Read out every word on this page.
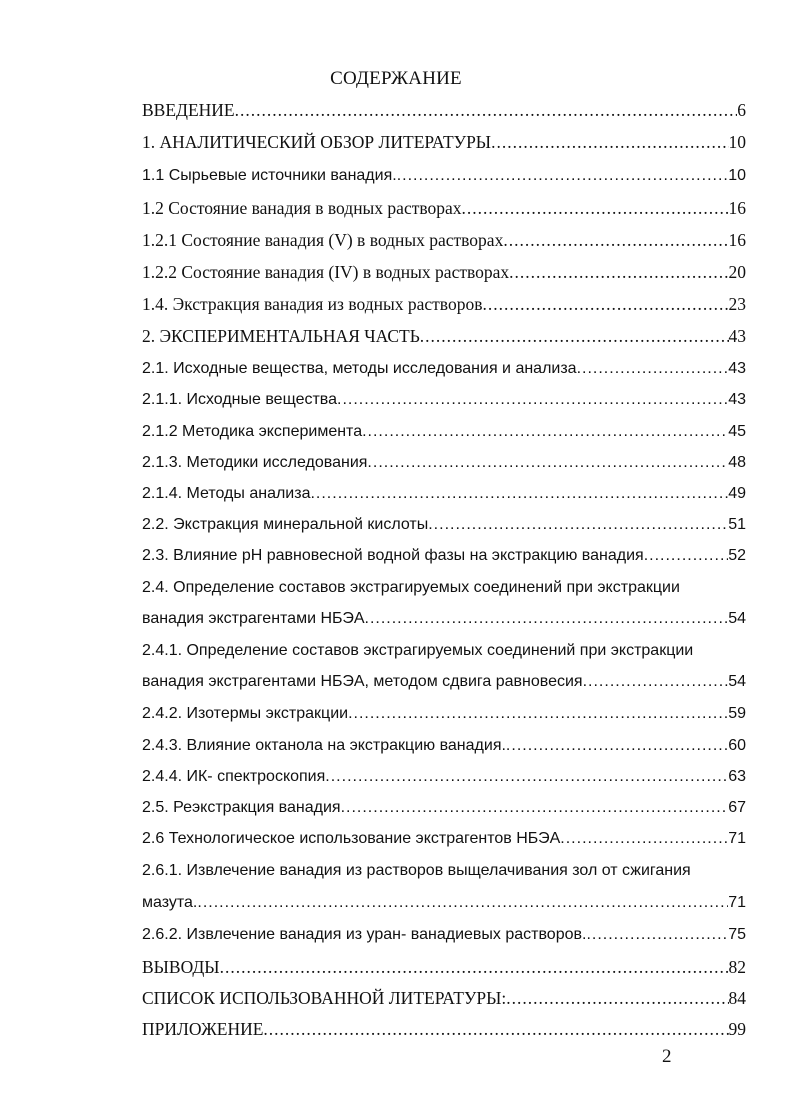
СОДЕРЖАНИЕ
ВВЕДЕНИЕ .....	6
1. АНАЛИТИЧЕСКИЙ ОБЗОР ЛИТЕРАТУРЫ .....	10
1.1 Сырьевые источники ванадия. .....	10
1.2 Состояние ванадия в водных растворах .....	16
1.2.1 Состояние ванадия (V) в водных растворах .....	16
1.2.2 Состояние ванадия (IV) в водных растворах .....	20
1.4. Экстракция ванадия из водных растворов .....	23
2. ЭКСПЕРИМЕНТАЛЬНАЯ ЧАСТЬ .....	43
2.1. Исходные вещества, методы исследования и анализа .....	43
2.1.1. Исходные вещества .....	43
2.1.2 Методика эксперимента .....	45
2.1.3. Методики исследования .....	48
2.1.4. Методы анализа .....	49
2.2. Экстракция минеральной кислоты .....	51
2.3. Влияние рН равновесной водной фазы на экстракцию ванадия .....	52
2.4. Определение составов экстрагируемых соединений при экстракции
ванадия экстрагентами НБЭА .....	54
2.4.1. Определение составов экстрагируемых соединений при экстракции
ванадия экстрагентами НБЭА, методом сдвига равновесия .....	54
2.4.2. Изотермы экстракции .....	59
2.4.3. Влияние октанола на экстракцию ванадия. .....	60
2.4.4. ИК- спектроскопия .....	63
2.5. Реэкстракция ванадия .....	67
2.6 Технологическое использование экстрагентов НБЭА .....	71
2.6.1. Извлечение ванадия из растворов выщелачивания зол от сжигания
мазута. .....	71
2.6.2. Извлечение ванадия из уран- ванадиевых растворов. .....	75
ВЫВОДЫ .....	82
СПИСОК ИСПОЛЬЗОВАННОЙ ЛИТЕРАТУРЫ: .....	84
ПРИЛОЖЕНИЕ .....	99
2
